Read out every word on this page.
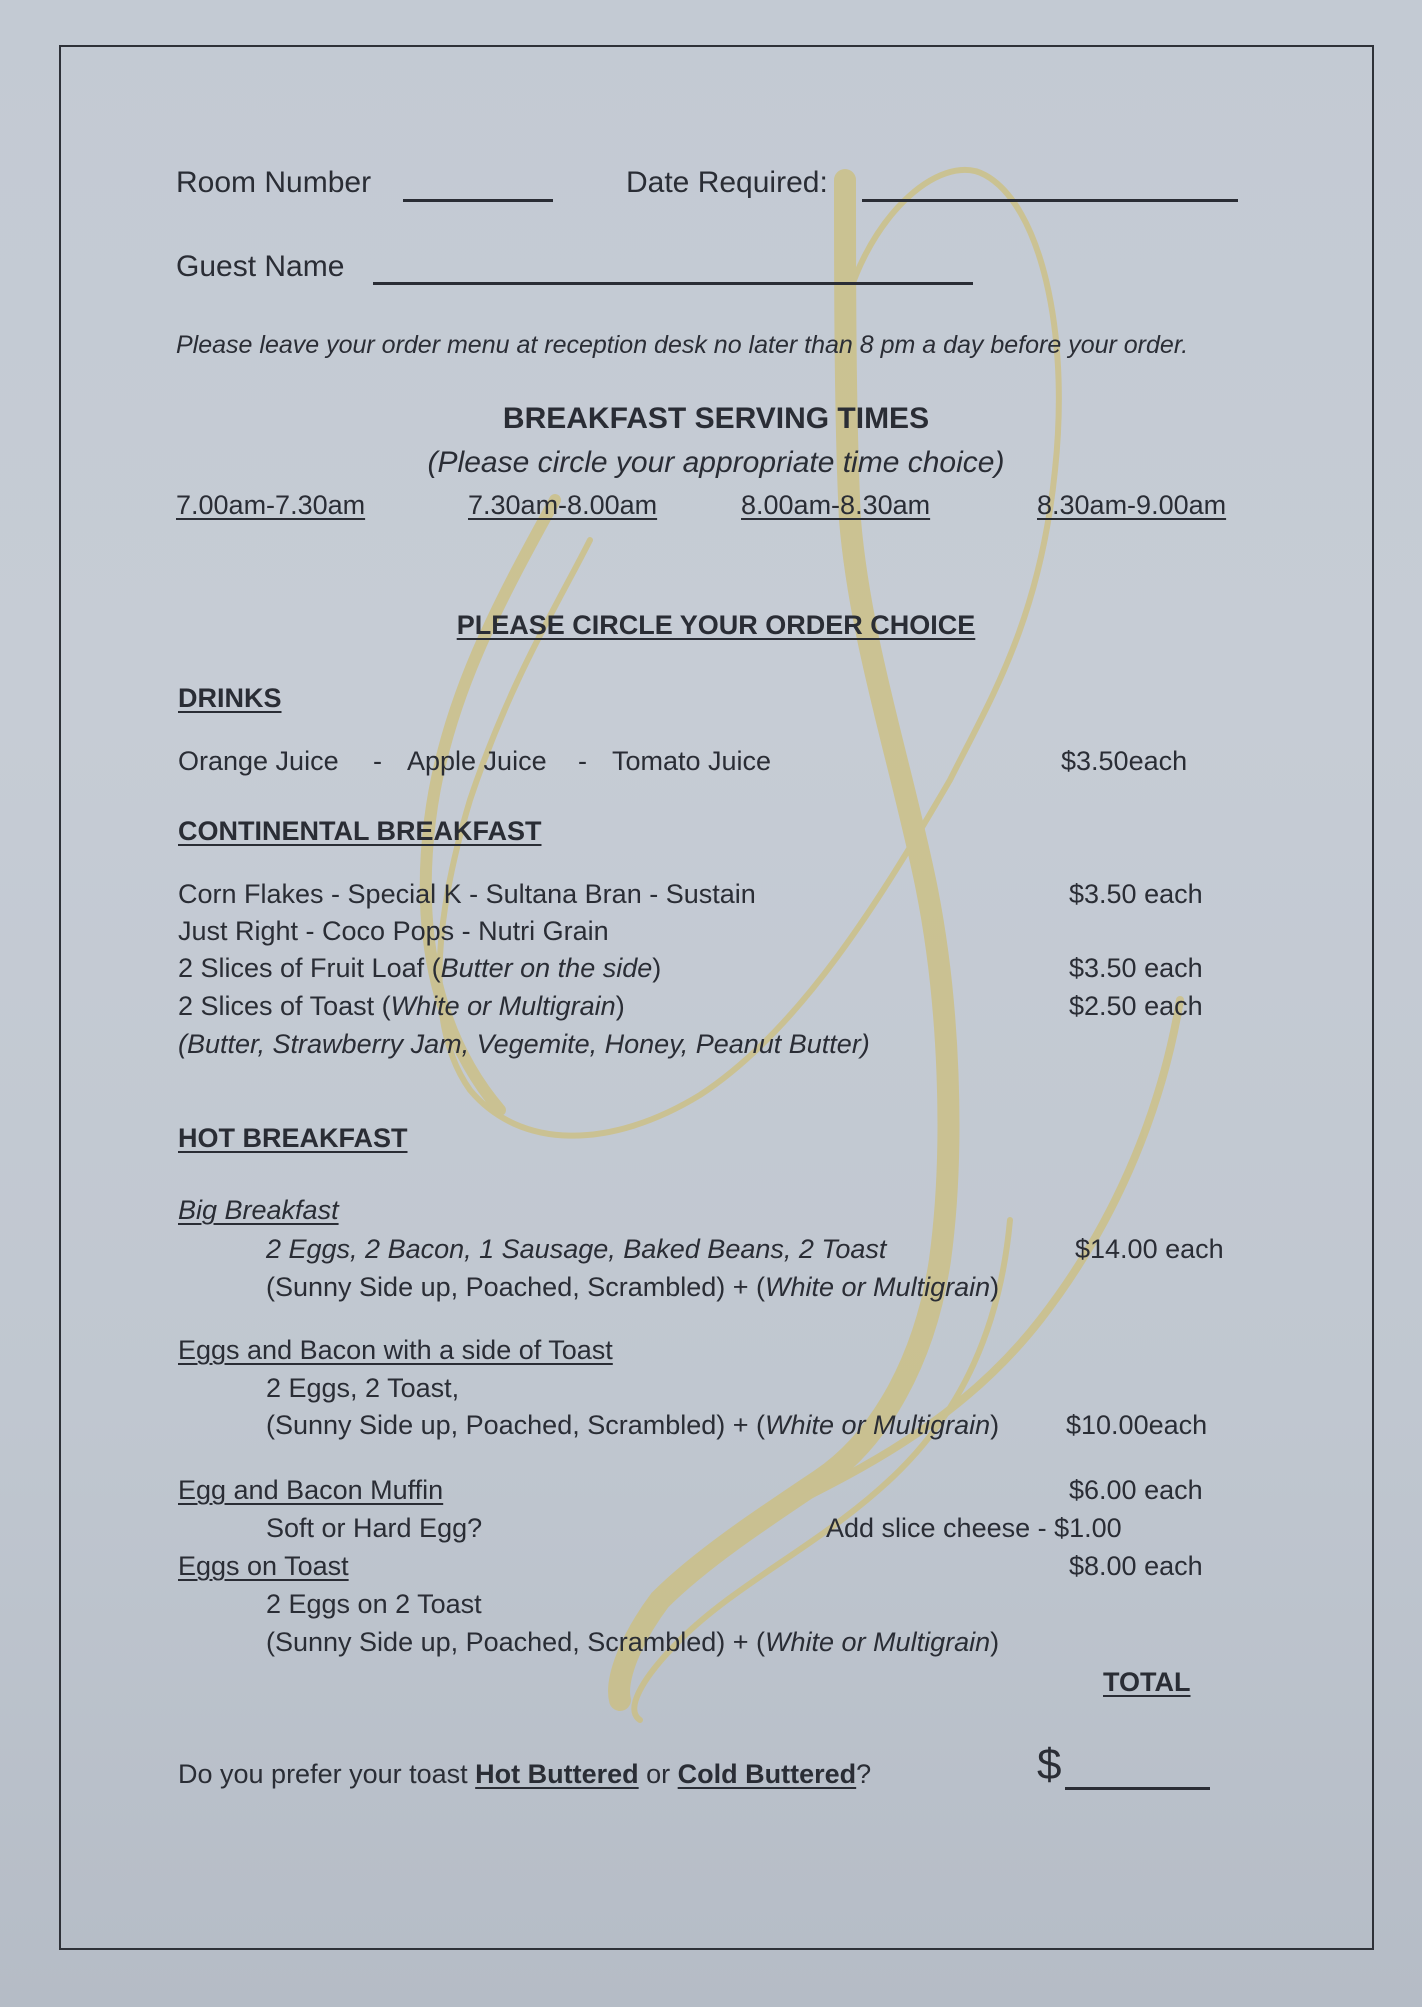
Room Number	Date Required:
Guest Name
Please leave your order menu at reception desk no later than 8 pm a day before your order.
BREAKFAST SERVING TIMES
(Please circle your appropriate time choice)
7.00am-7.30am	7.30am-8.00am	8.00am-8.30am	8.30am-9.00am
PLEASE CIRCLE YOUR ORDER CHOICE
DRINKS
Orange Juice - Apple Juice - Tomato Juice	$3.50each
CONTINENTAL BREAKFAST
Corn Flakes - Special K - Sultana Bran - Sustain	$3.50 each
Just Right - Coco Pops - Nutri Grain
2 Slices of Fruit Loaf (Butter on the side)	$3.50 each
2 Slices of Toast (White or Multigrain)	$2.50 each
(Butter, Strawberry Jam, Vegemite, Honey, Peanut Butter)
HOT BREAKFAST
Big Breakfast
2 Eggs, 2 Bacon, 1 Sausage, Baked Beans, 2 Toast	$14.00 each
(Sunny Side up, Poached, Scrambled) + (White or Multigrain)
Eggs and Bacon with a side of Toast
2 Eggs, 2 Toast,
(Sunny Side up, Poached, Scrambled) + (White or Multigrain) $10.00each
Egg and Bacon Muffin	$6.00 each
Soft or Hard Egg?	Add slice cheese - $1.00
Eggs on Toast	$8.00 each
2 Eggs on 2 Toast
(Sunny Side up, Poached, Scrambled) + (White or Multigrain)
TOTAL
Do you prefer your toast Hot Buttered or Cold Buttered?	$
